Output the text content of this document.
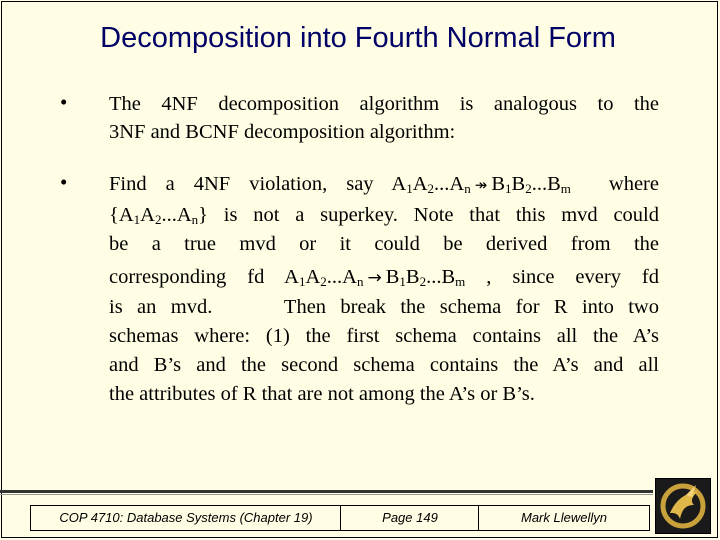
Decomposition into Fourth Normal Form
• The 4NF decomposition algorithm is analogous to the
3NF and BCNF decomposition algorithm:
• Find a 4NF violation, say $A_1A_2...A_n$ ↠ $B_1B_2...B_m$ where
$\{A_1A_2...A_n\}$ is not a superkey. Note that this mvd could
be a true mvd or it could be derived from the
corresponding fd $A_1A_2...A_n \to B_1B_2...B_m$ , since every fd
is an mvd.     Then break the schema for R into two
schemas where: (1) the first schema contains all the A’s
and B’s and the second schema contains the A’s and all
the attributes of R that are not among the A’s or B’s.
COP 4710: Database Systems (Chapter 19)	Page 149	Mark Llewellyn
